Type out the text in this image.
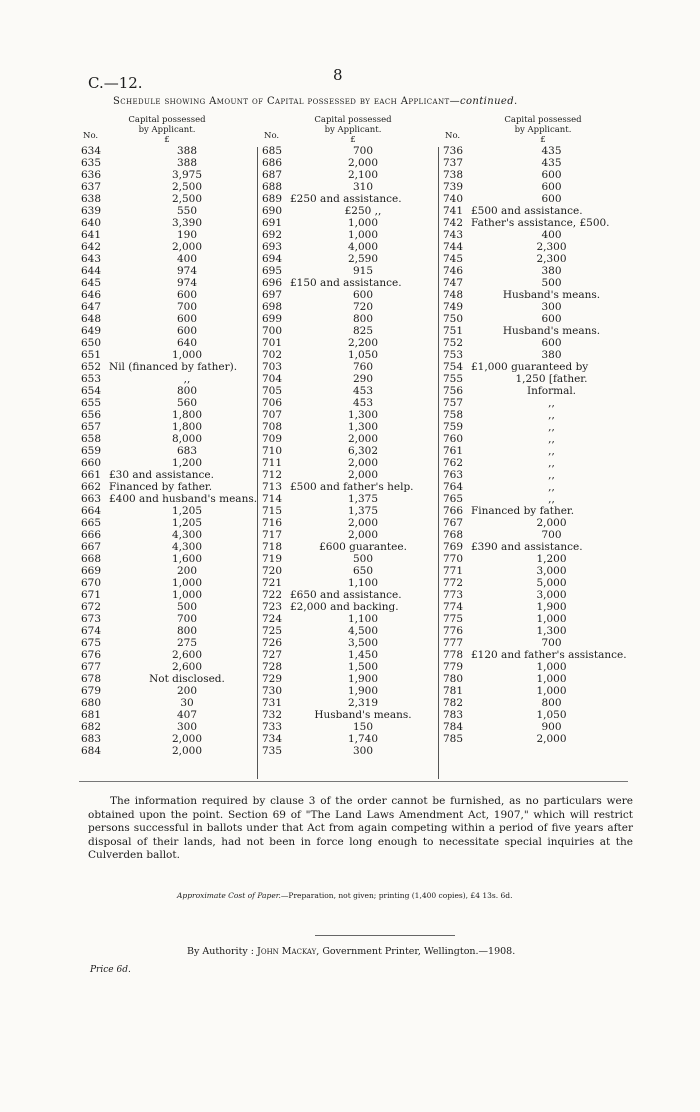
C.—12.	8
Schedule showing Amount of Capital possessed by each Applicant—continued.
No.
Capital possessed
by Applicant.
£
634	388
635	388
636	3,975
637	2,500
638	2,500
639	550
640	3,390
641	190
642	2,000
643	400
644	974
645	974
646	600
647	700
648	600
649	600
650	640
651	1,000
652 Nil (financed by father).
653	,,
654	800
655	560
656	1,800
657	1,800
658	8,000
659	683
660	1,200
661 £30 and assistance.
662 Financed by father.
663 £400 and husband's means.
664	1,205
665	1,205
666	4,300
667	4,300
668	1,600
669	200
670	1,000
671	1,000
672	500
673	700
674	800
675	275
676	2,600
677	2,600
678	Not disclosed.
679	200
680	30
681	407
682	300
683	2,000
684	2,000
No.
Capital possessed
by Applicant.
£
685	700
686	2,000
687	2,100
688	310
689 £250 and assistance.
690	£250 ,,
691	1,000
692	1,000
693	4,000
694	2,590
695	915
696 £150 and assistance.
697	600
698	720
699	800
700	825
701	2,200
702	1,050
703	760
704	290
705	453
706	453
707	1,300
708	1,300
709	2,000
710	6,302
711	2,000
712	2,000
713 £500 and father's help.
714	1,375
715	1,375
716	2,000
717	2,000
718	£600 guarantee.
719	500
720	650
721	1,100
722 £650 and assistance.
723 £2,000 and backing.
724	1,100
725	4,500
726	3,500
727	1,450
728	1,500
729	1,900
730	1,900
731	2,319
732	Husband's means.
733	150
734	1,740
735	300
No.
Capital possessed
by Applicant.
£
736	435
737	435
738	600
739	600
740	600
741 £500 and assistance.
742 Father's assistance, £500.
743	400
744	2,300
745	2,300
746	380
747	500
748	Husband's means.
749	300
750	600
751	Husband's means.
752	600
753	380
754 £1,000 guaranteed by
755	1,250 [father.
756	Informal.
757	,,
758	,,
759	,,
760	,,
761	,,
762	,,
763	,,
764	,,
765	,,
766 Financed by father.
767	2,000
768	700
769 £390 and assistance.
770	1,200
771	3,000
772	5,000
773	3,000
774	1,900
775	1,000
776	1,300
777	700
778 £120 and father's assistance.
779	1,000
780	1,000
781	1,000
782	800
783	1,050
784	900
785	2,000
The information required by clause 3 of the order cannot be furnished, as no particulars were obtained upon the point. Section 69 of "The Land Laws Amendment Act, 1907," which will restrict persons successful in ballots under that Act from again competing within a period of five years after disposal of their lands, had not been in force long enough to necessitate special inquiries at the Culverden ballot.
Approximate Cost of Paper.—Preparation, not given; printing (1,400 copies), £4 13s. 6d.
By Authority : John Mackay, Government Printer, Wellington.—1908.
Price 6d.
